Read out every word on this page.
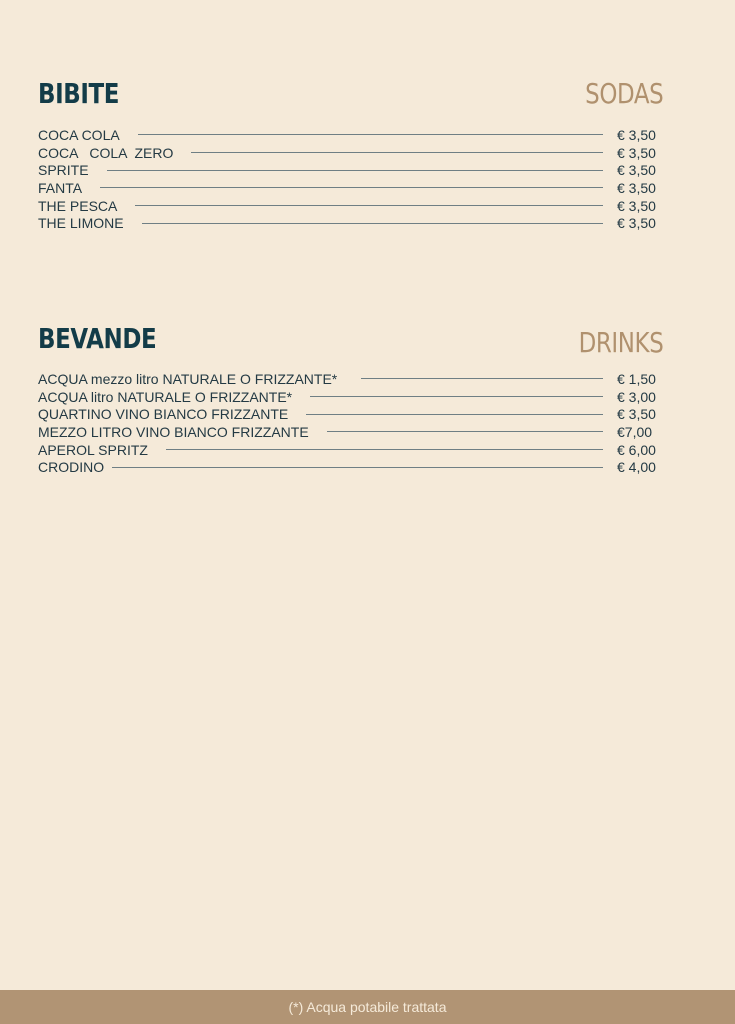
BIBITE	SODAS
COCA COLA	€ 3,50
COCA   COLA  ZERO	€ 3,50
SPRITE	€ 3,50
FANTA	€ 3,50
THE PESCA	€ 3,50
THE LIMONE	€ 3,50
BEVANDE	DRINKS
ACQUA mezzo litro NATURALE O FRIZZANTE*	€ 1,50
ACQUA litro NATURALE O FRIZZANTE*	€ 3,00
QUARTINO VINO BIANCO FRIZZANTE	€ 3,50
MEZZO LITRO VINO BIANCO FRIZZANTE	€7,00
APEROL SPRITZ	€ 6,00
CRODINO	€ 4,00
(*) Acqua potabile trattata
